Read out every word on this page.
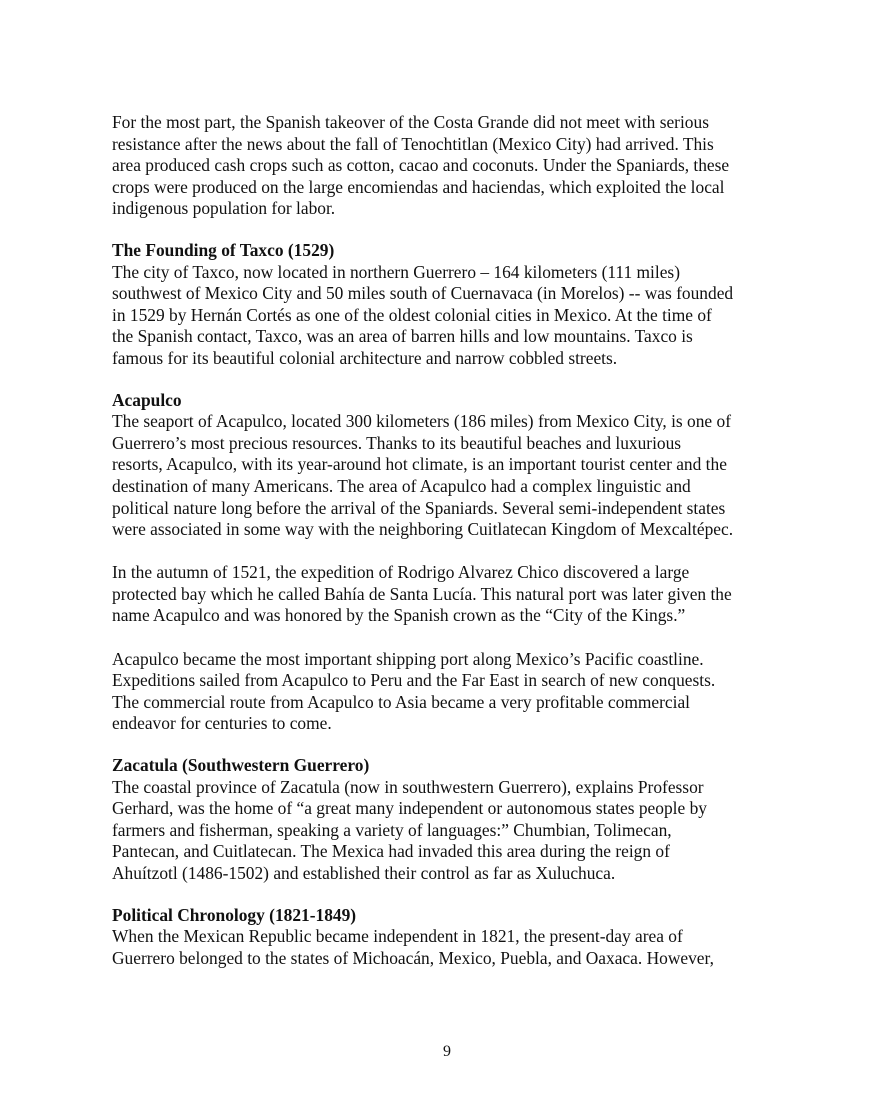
For the most part, the Spanish takeover of the Costa Grande did not meet with serious
resistance after the news about the fall of Tenochtitlan (Mexico City) had arrived. This
area produced cash crops such as cotton, cacao and coconuts. Under the Spaniards, these
crops were produced on the large encomiendas and haciendas, which exploited the local
indigenous population for labor.

The Founding of Taxco (1529)

The city of Taxco, now located in northern Guerrero – 164 kilometers (111 miles)
southwest of Mexico City and 50 miles south of Cuernavaca (in Morelos) -- was founded
in 1529 by Hernán Cortés as one of the oldest colonial cities in Mexico. At the time of
the Spanish contact, Taxco, was an area of barren hills and low mountains. Taxco is
famous for its beautiful colonial architecture and narrow cobbled streets.

Acapulco

The seaport of Acapulco, located 300 kilometers (186 miles) from Mexico City, is one of
Guerrero’s most precious resources. Thanks to its beautiful beaches and luxurious
resorts, Acapulco, with its year-around hot climate, is an important tourist center and the
destination of many Americans. The area of Acapulco had a complex linguistic and
political nature long before the arrival of the Spaniards. Several semi-independent states
were associated in some way with the neighboring Cuitlatecan Kingdom of Mexcaltépec.

In the autumn of 1521, the expedition of Rodrigo Alvarez Chico discovered a large
protected bay which he called Bahía de Santa Lucía. This natural port was later given the
name Acapulco and was honored by the Spanish crown as the “City of the Kings.”

Acapulco became the most important shipping port along Mexico’s Pacific coastline.
Expeditions sailed from Acapulco to Peru and the Far East in search of new conquests.
The commercial route from Acapulco to Asia became a very profitable commercial
endeavor for centuries to come.

Zacatula (Southwestern Guerrero)

The coastal province of Zacatula (now in southwestern Guerrero), explains Professor
Gerhard, was the home of “a great many independent or autonomous states people by
farmers and fisherman, speaking a variety of languages:” Chumbian, Tolimecan,
Pantecan, and Cuitlatecan. The Mexica had invaded this area during the reign of
Ahuítzotl (1486-1502) and established their control as far as Xuluchuca.

Political Chronology (1821-1849)

When the Mexican Republic became independent in 1821, the present-day area of
Guerrero belonged to the states of Michoacán, Mexico, Puebla, and Oaxaca. However,

9
